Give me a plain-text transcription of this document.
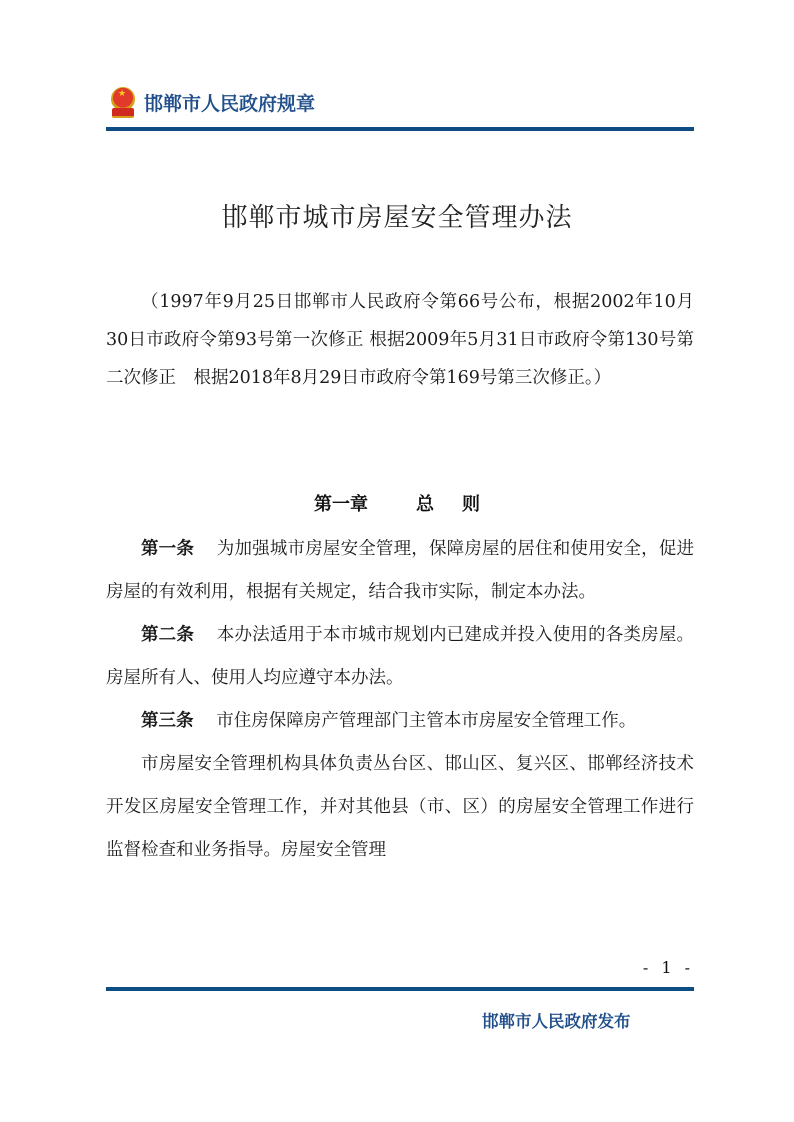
★ 邯郸市人民政府规章
邯郸市城市房屋安全管理办法

（1997年9月25日邯郸市人民政府令第66号公布，根据2002年10月30日市政府令第93号第一次修正 根据2009年5月31日市政府令第130号第二次修正　根据2018年8月29日市政府令第169号第三次修正。）

第一章	总 则

第一条 为加强城市房屋安全管理，保障房屋的居住和使用安全，促进房屋的有效利用，根据有关规定，结合我市实际，制定本办法。

第二条 本办法适用于本市城市规划内已建成并投入使用的各类房屋。房屋所有人、使用人均应遵守本办法。

第三条 市住房保障房产管理部门主管本市房屋安全管理工作。

市房屋安全管理机构具体负责丛台区、邯山区、复兴区、邯郸经济技术开发区房屋安全管理工作，并对其他县（市、区）的房屋安全管理工作进行监督检查和业务指导。房屋安全管理

- 1 -
邯郸市人民政府发布
